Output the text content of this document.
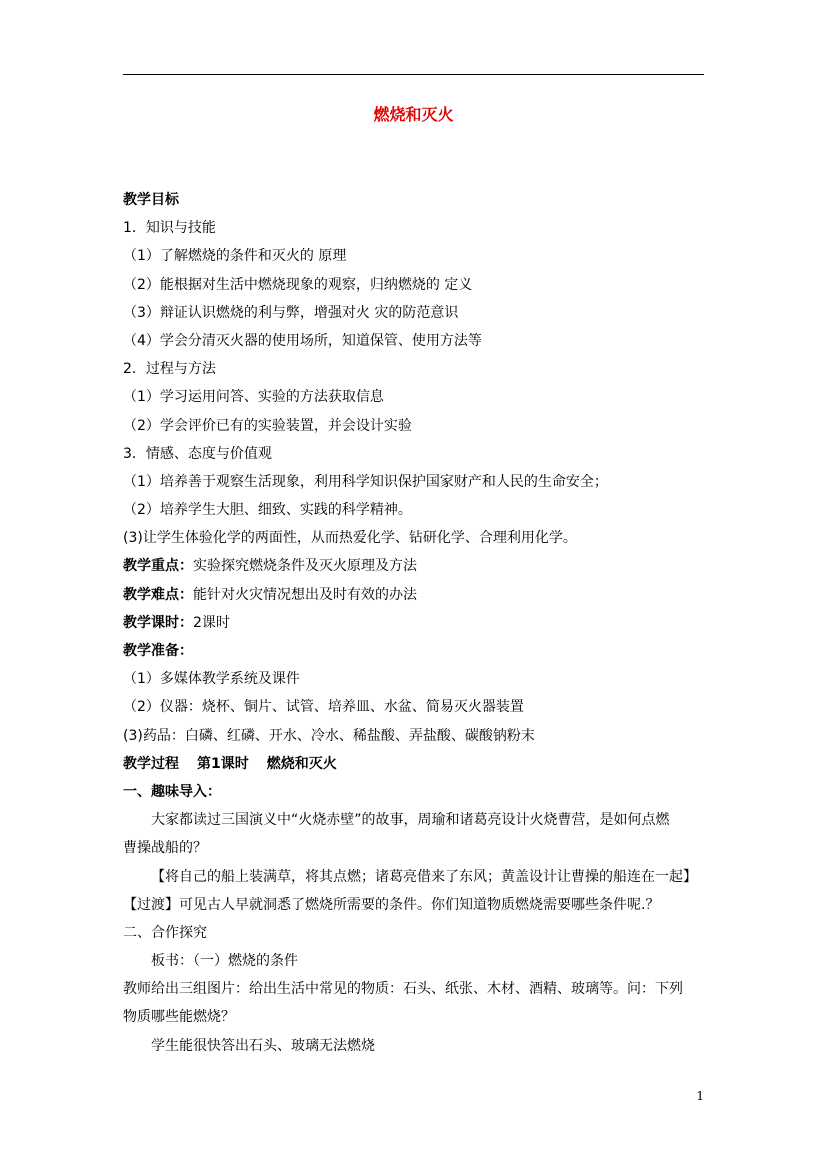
燃烧和灭火
教学目标
1．知识与技能
（1）了解燃烧的条件和灭火的 原理
（2）能根据对生活中燃烧现象的观察，归纳燃烧的 定义
（3）辩证认识燃烧的利与弊，增强对火 灾的防范意识
（4）学会分清灭火器的使用场所，知道保管、使用方法等
2．过程与方法
（1）学习运用问答、实验的方法获取信息
（2）学会评价已有的实验装置，并会设计实验
3．情感、态度与价值观
（1）培养善于观察生活现象，利用科学知识保护国家财产和人民的生命安全；
（2）培养学生大胆、细致、实践的科学精神。
(3)让学生体验化学的两面性，从而热爱化学、钻研化学、合理利用化学。
教学重点：实验探究燃烧条件及灭火原理及方法
教学难点：能针对火灾情况想出及时有效的办法
教学课时：2课时
教学准备：
（1）多媒体教学系统及课件
（2）仪器：烧杯、铜片、试管、培养皿、水盆、简易灭火器装置
(3)药品：白磷、红磷、开水、冷水、稀盐酸、弄盐酸、碳酸钠粉末
教学过程 第1课时 燃烧和灭火
一、趣味导入：
大家都读过三国演义中“火烧赤壁”的故事，周瑜和诸葛亮设计火烧曹营，是如何点燃
曹操战船的？
【将自己的船上装满草，将其点燃；诸葛亮借来了东风；黄盖设计让曹操的船连在一起】
【过渡】可见古人早就洞悉了燃烧所需要的条件。你们知道物质燃烧需要哪些条件呢.？
二、合作探究
板书：（一）燃烧的条件
教师给出三组图片：给出生活中常见的物质：石头、纸张、木材、酒精、玻璃等。问：下列
物质哪些能燃烧？
学生能很快答出石头、玻璃无法燃烧
1
